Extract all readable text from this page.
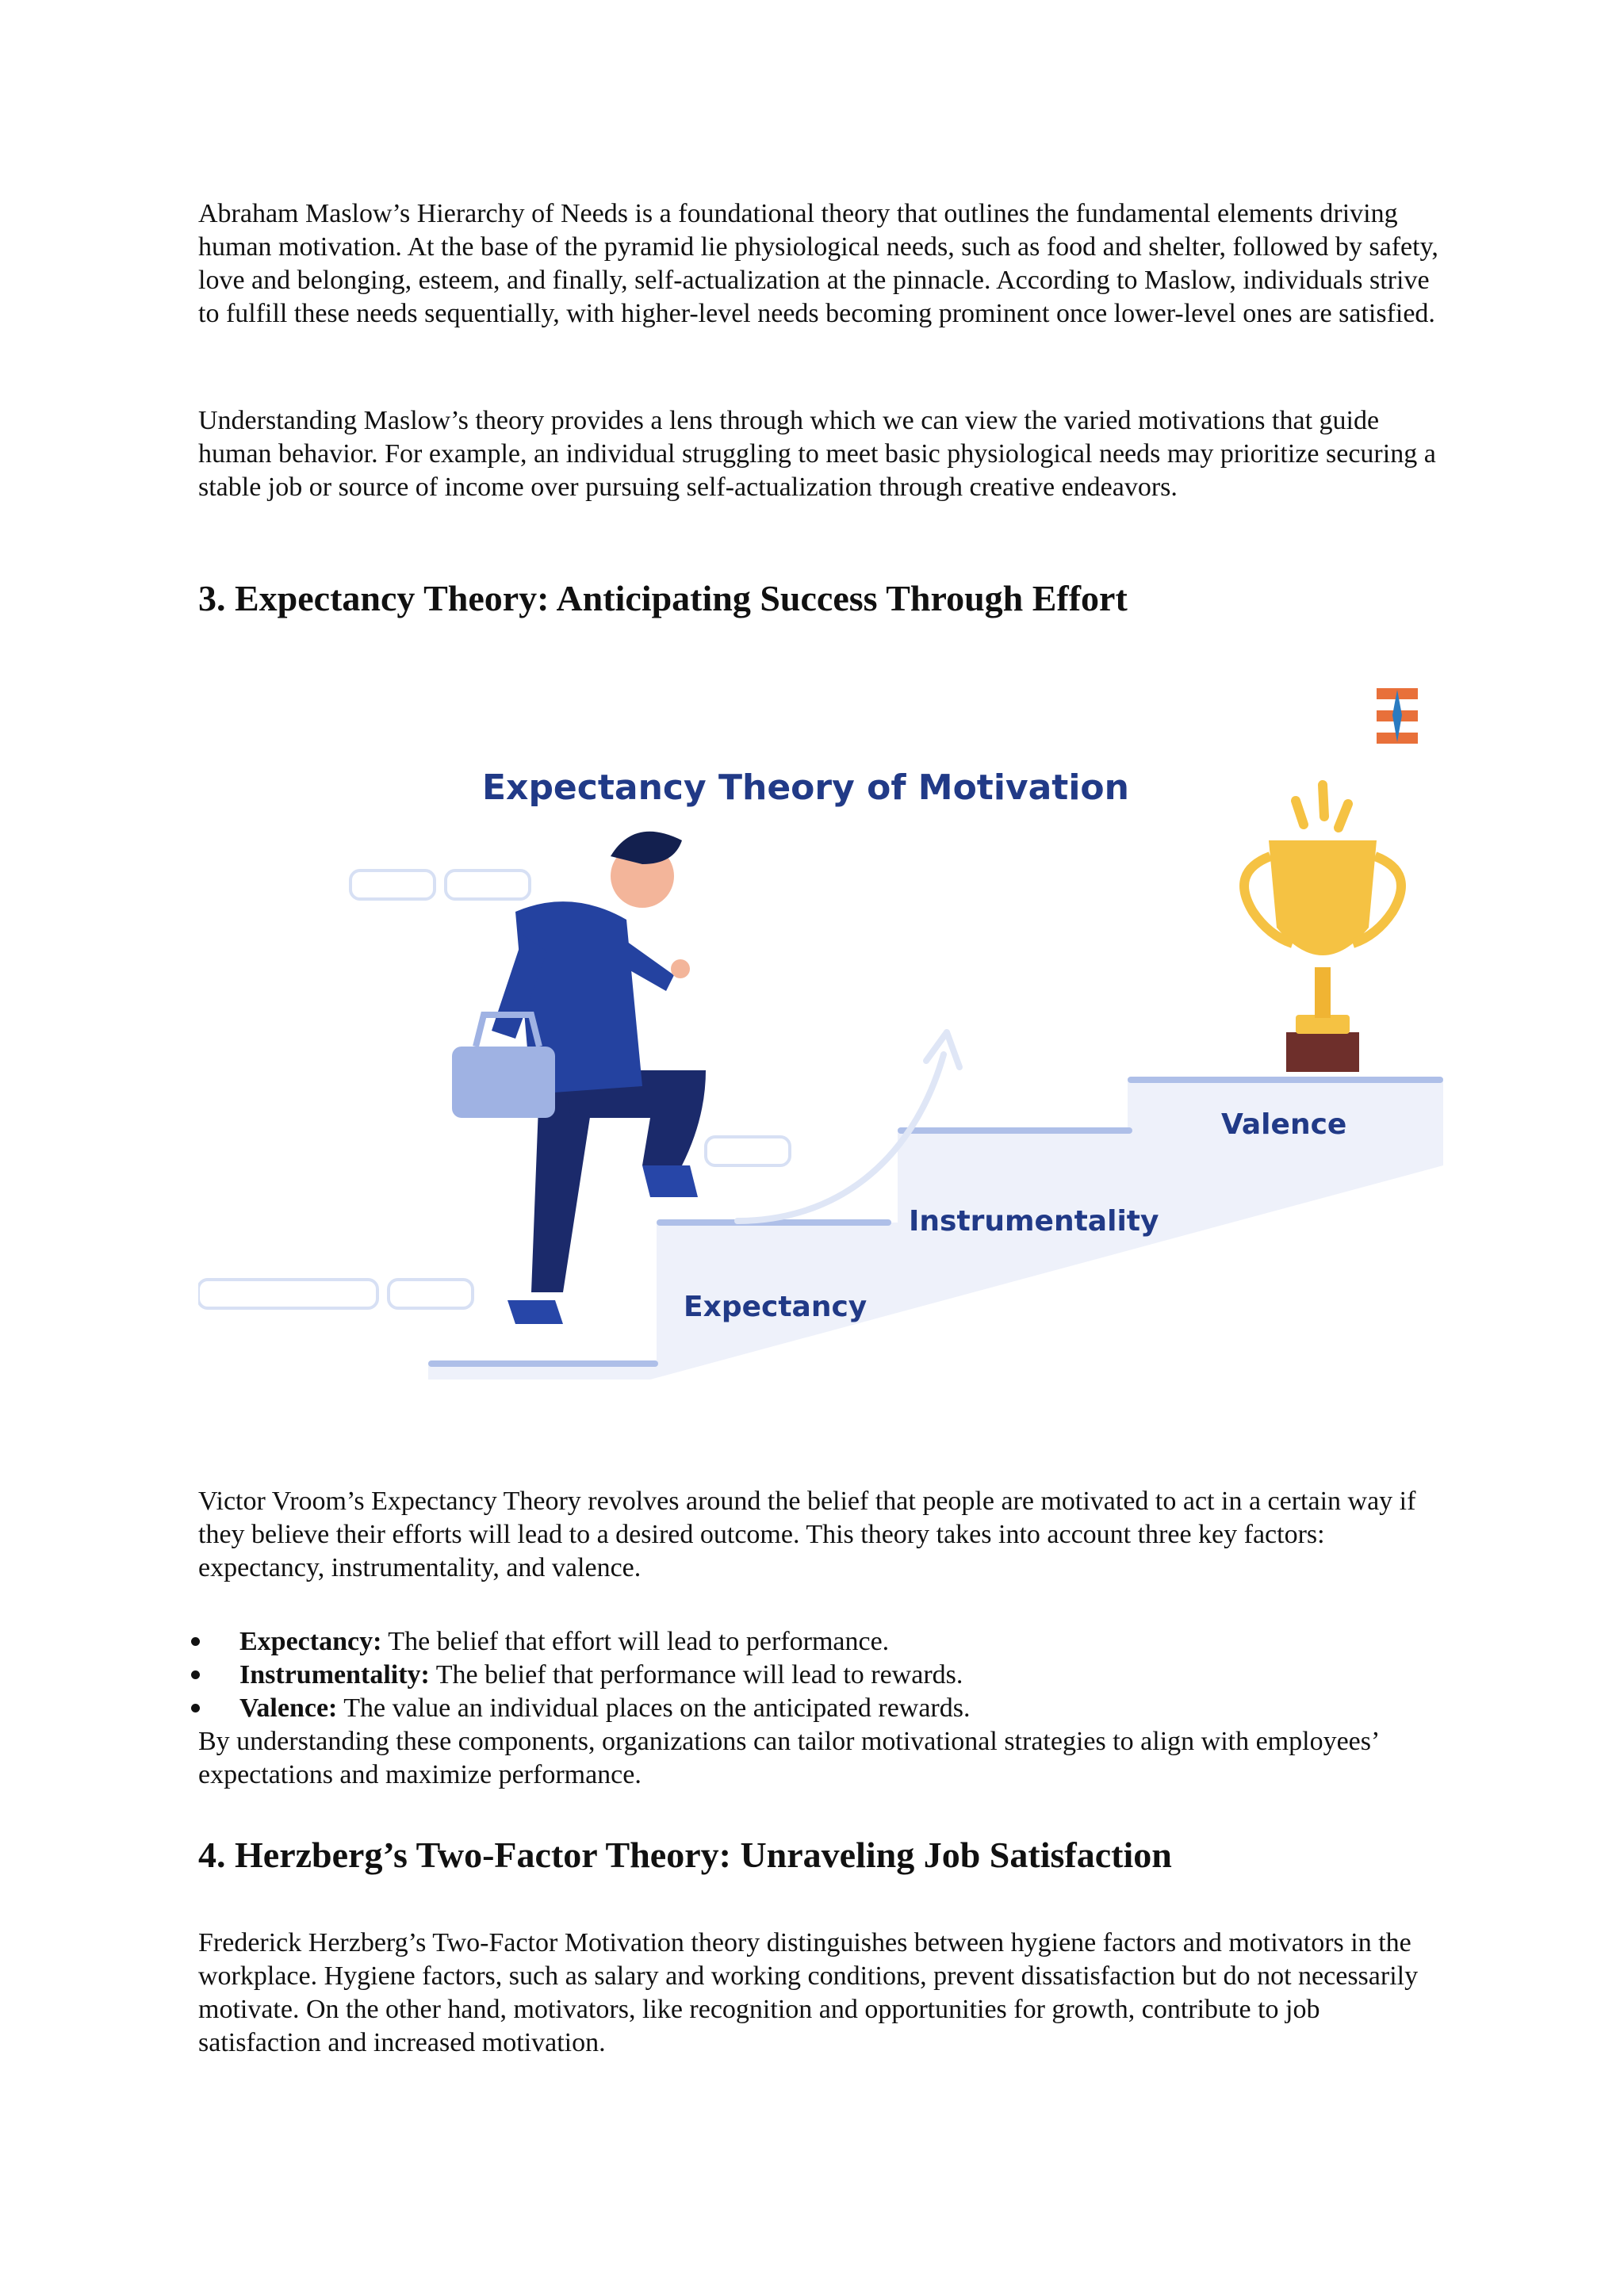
Abraham Maslow’s Hierarchy of Needs is a foundational theory that outlines the fundamental elements driving human motivation. At the base of the pyramid lie physiological needs, such as food and shelter, followed by safety, love and belonging, esteem, and finally, self-actualization at the pinnacle. According to Maslow, individuals strive to fulfill these needs sequentially, with higher-level needs becoming prominent once lower-level ones are satisfied.

Understanding Maslow’s theory provides a lens through which we can view the varied motivations that guide human behavior. For example, an individual struggling to meet basic physiological needs may prioritize securing a stable job or source of income over pursuing self-actualization through creative endeavors.

3. Expectancy Theory: Anticipating Success Through Effort
Expectancy Theory of Motivation
Expectancy
Instrumentality
Valence

Victor Vroom’s Expectancy Theory revolves around the belief that people are motivated to act in a certain way if they believe their efforts will lead to a desired outcome. This theory takes into account three key factors: expectancy, instrumentality, and valence.

Expectancy: The belief that effort will lead to performance.
Instrumentality: The belief that performance will lead to rewards.
Valence: The value an individual places on the anticipated rewards.

By understanding these components, organizations can tailor motivational strategies to align with employees’ expectations and maximize performance.

4. Herzberg’s Two-Factor Theory: Unraveling Job Satisfaction

Frederick Herzberg’s Two-Factor Motivation theory distinguishes between hygiene factors and motivators in the workplace. Hygiene factors, such as salary and working conditions, prevent dissatisfaction but do not necessarily motivate. On the other hand, motivators, like recognition and opportunities for growth, contribute to job satisfaction and increased motivation.
